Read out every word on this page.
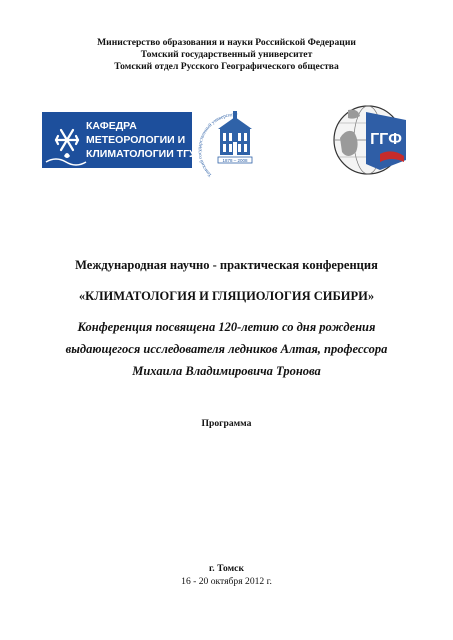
Министерство образования и науки Российской Федерации
Томский государственный университет
Томский отдел Русского Географического общества
КАФЕДРА
МЕТЕОРОЛОГИИ И
КЛИМАТОЛОГИИ ТГУ
Томский государственный университ
1878 – 2008
ГГФ
Международная научно - практическая конференция
«КЛИМАТОЛОГИЯ И ГЛЯЦИОЛОГИЯ СИБИРИ»
Конференция посвящена 120-летию со дня рождения
выдающегося исследователя ледников Алтая, профессора
Михаила Владимировича Тронова
Программа
г. Томск
16 - 20 октября 2012 г.
